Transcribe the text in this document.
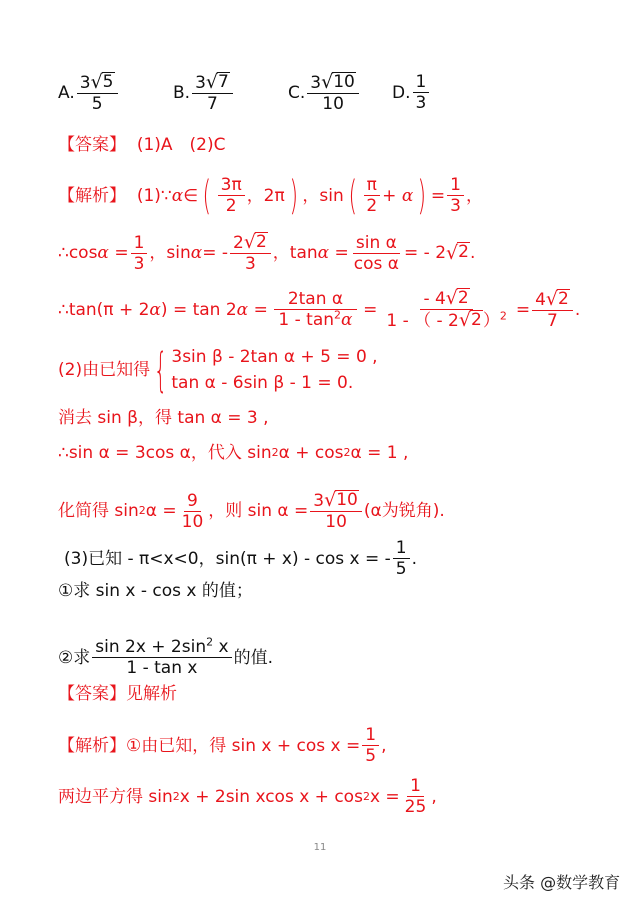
A. $\frac{3 √ 5}{5}$	B. $\frac{3 √ 7}{7}$	C. $\frac{3 √ 10}{10} D$. $\frac{1}{3}$
【答案】
(1)A　(2)C
【解析】
(1)∵ α ∈ ( $\frac{3\pi}{2}$ ，2π ) ，sin ( $\frac{\pi}{2}$ +
α ) = $\frac{1}{3}$ ，
∴cos α
= $\frac{1}{3}$ ，sin α = - $\frac{2 √ 2}{3}$ ，tan α
= $\frac{\text{sin α}}{\text{cos α}}$ = - 2 √ 2 .
∴tan(π + 2 α ) = tan 2 α
= $\frac{\text{2tan α}}{1 - \tan^2\alpha} = \frac{- 4 √ 2}{1 - ( - 2 √ 2 )^2} = \frac{4 √ 2}{7}$ .
(2)由已知得 { 3sin β - 2tan α + 5 = 0 ,
tan α - 6sin β - 1 = 0.
消去 sin β，得 tan α = 3 ,
∴sin α = 3cos α，代入 sin 2 α + cos 2 α = 1 ,
化简得 sin 2 $\alpha = \frac{9}{10}$ ，则 $\sin \alpha = \frac{3 √ 10}{10} (\alpha$为锐角).
(3)已知 - π<x<0，sin(π + x) - cos x = - $\frac{1}{5}$ .
①求 sin x - cos x 的值；
②求 $\frac{\sin 2x + 2\sin^2 x}{\text{1 - tan x}}$ 的值.
【答案】 见解析
【解析】 ①由已知，得 $\sin x + \cos x = \frac{1}{5}$ ,
两边平方得 sin 2 x + 2sin xcos x + cos 2 $x = \frac{1}{25}$ ,
11
头条 @数学教育
